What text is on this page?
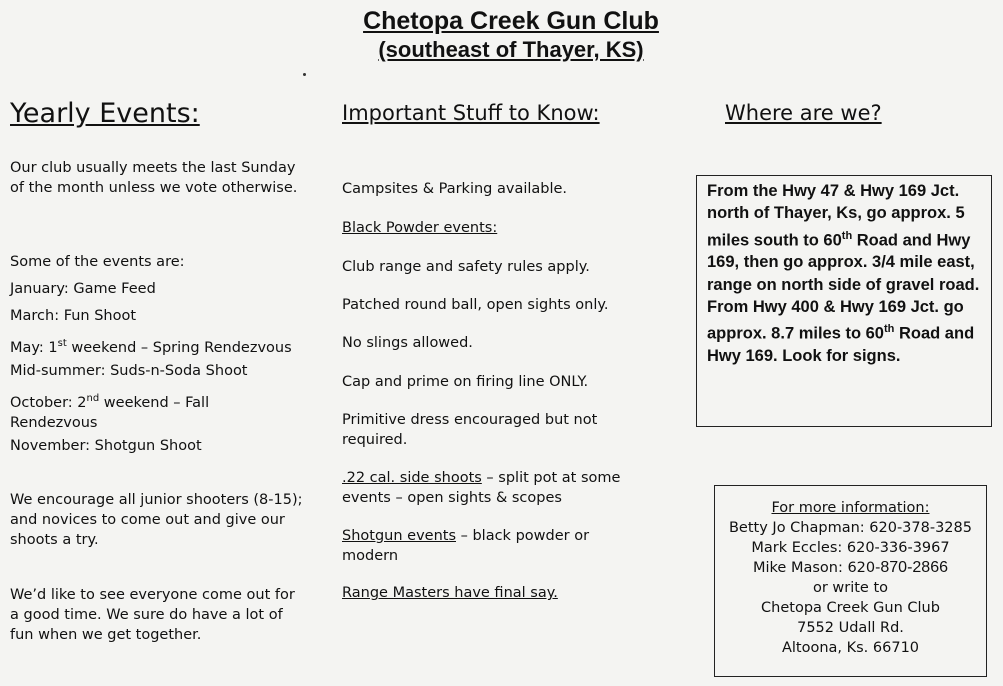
Chetopa Creek Gun Club
(southeast of Thayer, KS)
Yearly Events:

Our club usually meets the last Sunday of the month unless we vote otherwise.

Some of the events are:

January: Game Feed

March: Fun Shoot

May: 1st weekend – Spring Rendezvous

Mid-summer: Suds-n-Soda Shoot

October: 2nd weekend – Fall Rendezvous

November: Shotgun Shoot

We encourage all junior shooters (8-15); and novices to come out and give our shoots a try.

We’d like to see everyone come out for a good time. We sure do have a lot of fun when we get together.

Important Stuff to Know:

Campsites & Parking available.

Black Powder events:

Club range and safety rules apply.

Patched round ball, open sights only.

No slings allowed.

Cap and prime on firing line ONLY.

Primitive dress encouraged but not required.

.22 cal. side shoots – split pot at some events – open sights & scopes

Shotgun events – black powder or modern

Range Masters have final say.

Where are we?
From the Hwy 47 & Hwy 169 Jct. north of Thayer, Ks, go approx. 5 miles south to 60th Road and Hwy 169, then go approx. 3/4 mile east, range on north side of gravel road. From Hwy 400 & Hwy 169 Jct. go approx. 8.7 miles to 60th Road and Hwy 169. Look for signs.
For more information:
Betty Jo Chapman: 620-378-3285
Mark Eccles: 620-336-3967
Mike Mason: 620-870-2866
or write to
Chetopa Creek Gun Club
7552 Udall Rd.
Altoona, Ks. 66710
